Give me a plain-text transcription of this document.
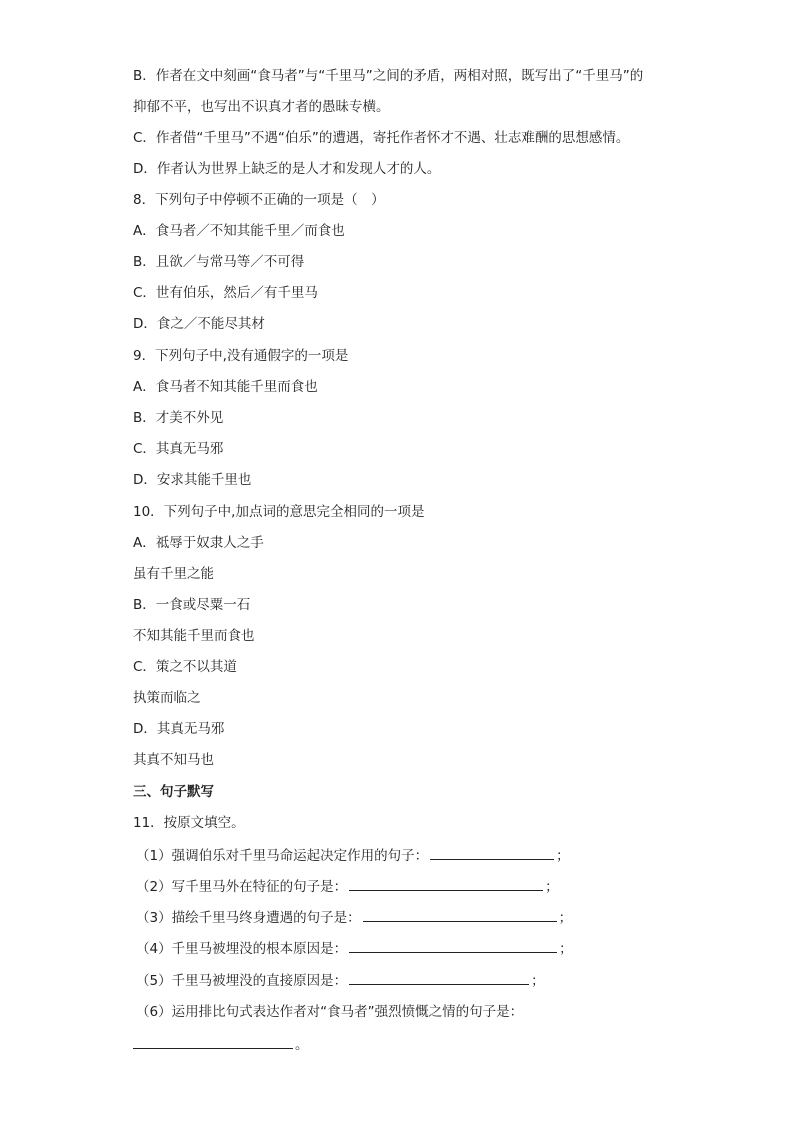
B．作者在文中刻画“食马者”与“千里马”之间的矛盾，两相对照，既写出了“千里马”的
抑郁不平，也写出不识真才者的愚昧专横。
C．作者借“千里马”不遇“伯乐”的遭遇，寄托作者怀才不遇、壮志难酬的思想感情。
D．作者认为世界上缺乏的是人才和发现人才的人。
8．下列句子中停顿不正确的一项是（　）
A．食马者／不知其能千里／而食也
B．且欲／与常马等／不可得
C．世有伯乐，然后／有千里马
D．食之／不能尽其材
9．下列句子中,没有通假字的一项是
A．食马者不知其能千里而食也
B．才美不外见
C．其真无马邪
D．安求其能千里也
10．下列句子中,加点词的意思完全相同的一项是
A．祗辱于奴隶人之手
虽有千里之能
B．一食或尽粟一石
不知其能千里而食也
C．策之不以其道
执策而临之
D．其真无马邪
其真不知马也
三、句子默写
11．按原文填空。
（1）强调伯乐对千里马命运起决定作用的句子：	；
（2）写千里马外在特征的句子是：	；
（3）描绘千里马终身遭遇的句子是：	；
（4）千里马被埋没的根本原因是：	；
（5）千里马被埋没的直接原因是：	；
（6）运用排比句式表达作者对“食马者”强烈愤慨之情的句子是：
。
